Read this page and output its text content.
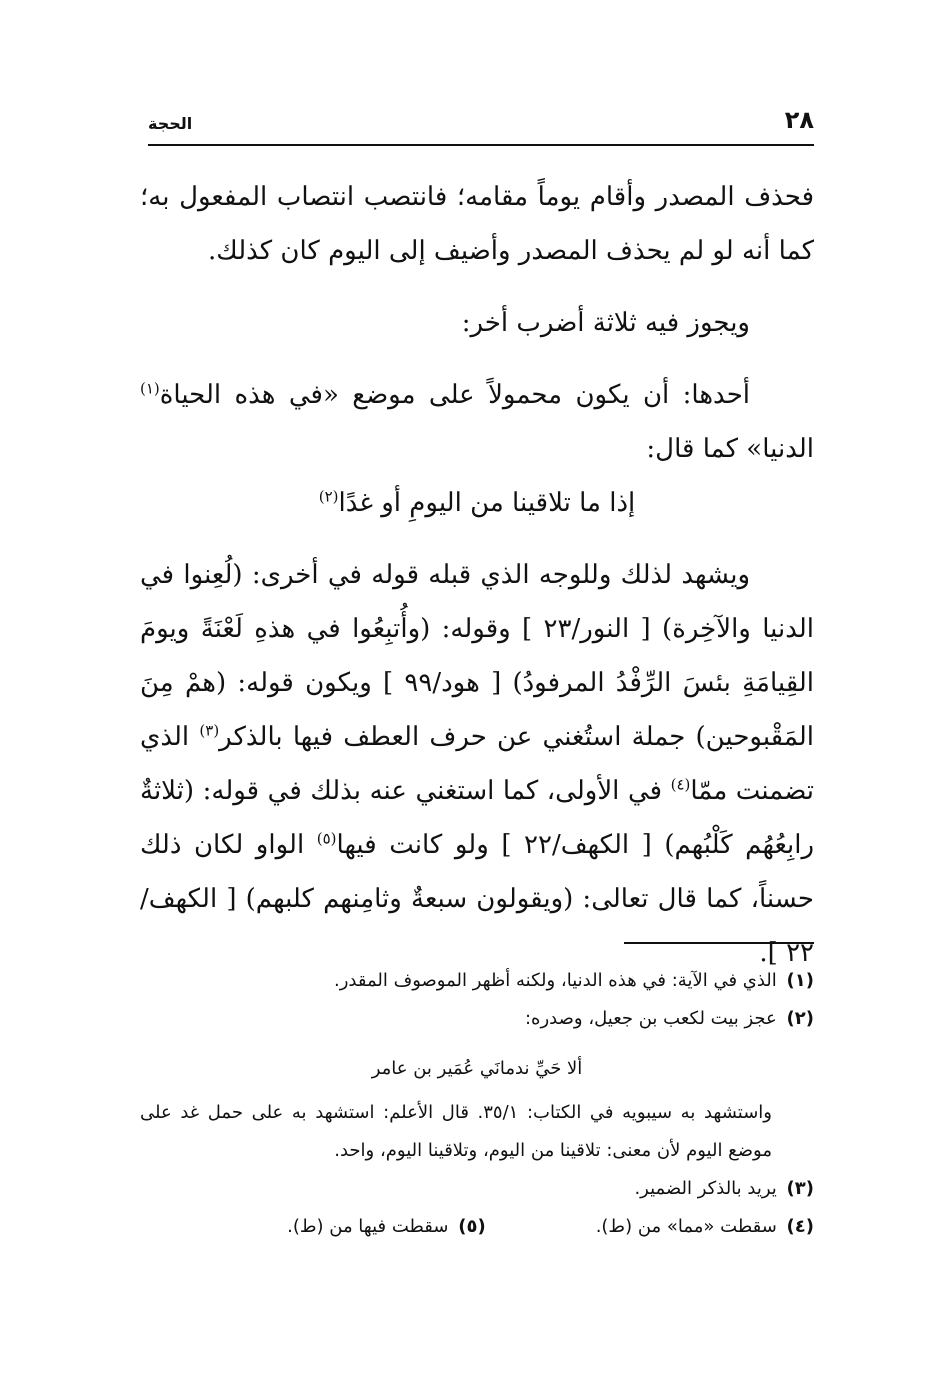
٢٨
الحجة

فحذف المصدر وأقام يوماً مقامه؛ فانتصب انتصاب المفعول به؛ كما أنه لو لم يحذف المصدر وأضيف إلى اليوم كان كذلك.

ويجوز فيه ثلاثة أضرب أخر:

أحدها: أن يكون محمولاً على موضع «في هذه الحياة$^{(١)}$ الدنيا» كما قال:

إذا ما تلاقينا من اليومِ أو غدًا$^{(٢)}$

ويشهد لذلك وللوجه الذي قبله قوله في أخرى: (لُعِنوا في الدنيا والآخِرة) [ النور/٢٣ ] وقوله: (وأُتبِعُوا في هذهِ لَعْنَةً ويومَ القِيامَةِ بئسَ الرِّفْدُ المرفودُ) [ هود/٩٩ ] ويكون قوله: (همْ مِنَ المَقْبوحين) جملة استُغني عن حرف العطف فيها بالذكر$^{(٣)}$ الذي تضمنت ممّا$^{(٤)}$ في الأولى، كما استغني عنه بذلك في قوله: (ثلاثةٌ رابِعُهُم كَلْبُهم) [ الكهف/٢٢ ] ولو كانت فيها$^{(٥)}$ الواو لكان ذلك حسناً، كما قال تعالى: (ويقولون سبعةٌ وثامِنهم كلبهم) [ الكهف/٢٢ ].

(١) الذي في الآية: في هذه الدنيا، ولكنه أظهر الموصوف المقدر.

(٢) عجز بيت لكعب بن جعيل، وصدره:

ألا حَيِّ ندمانَي عُمَير بن عامر

واستشهد به سيبويه في الكتاب: ٣٥/١. قال الأعلم: استشهد به على حمل غد على موضع اليوم لأن معنى: تلاقينا من اليوم، وتلاقينا اليوم، واحد.

(٣) يريد بالذكر الضمير.

(٤) سقطت «مما» من (ط).
(٥) سقطت فيها من (ط).
